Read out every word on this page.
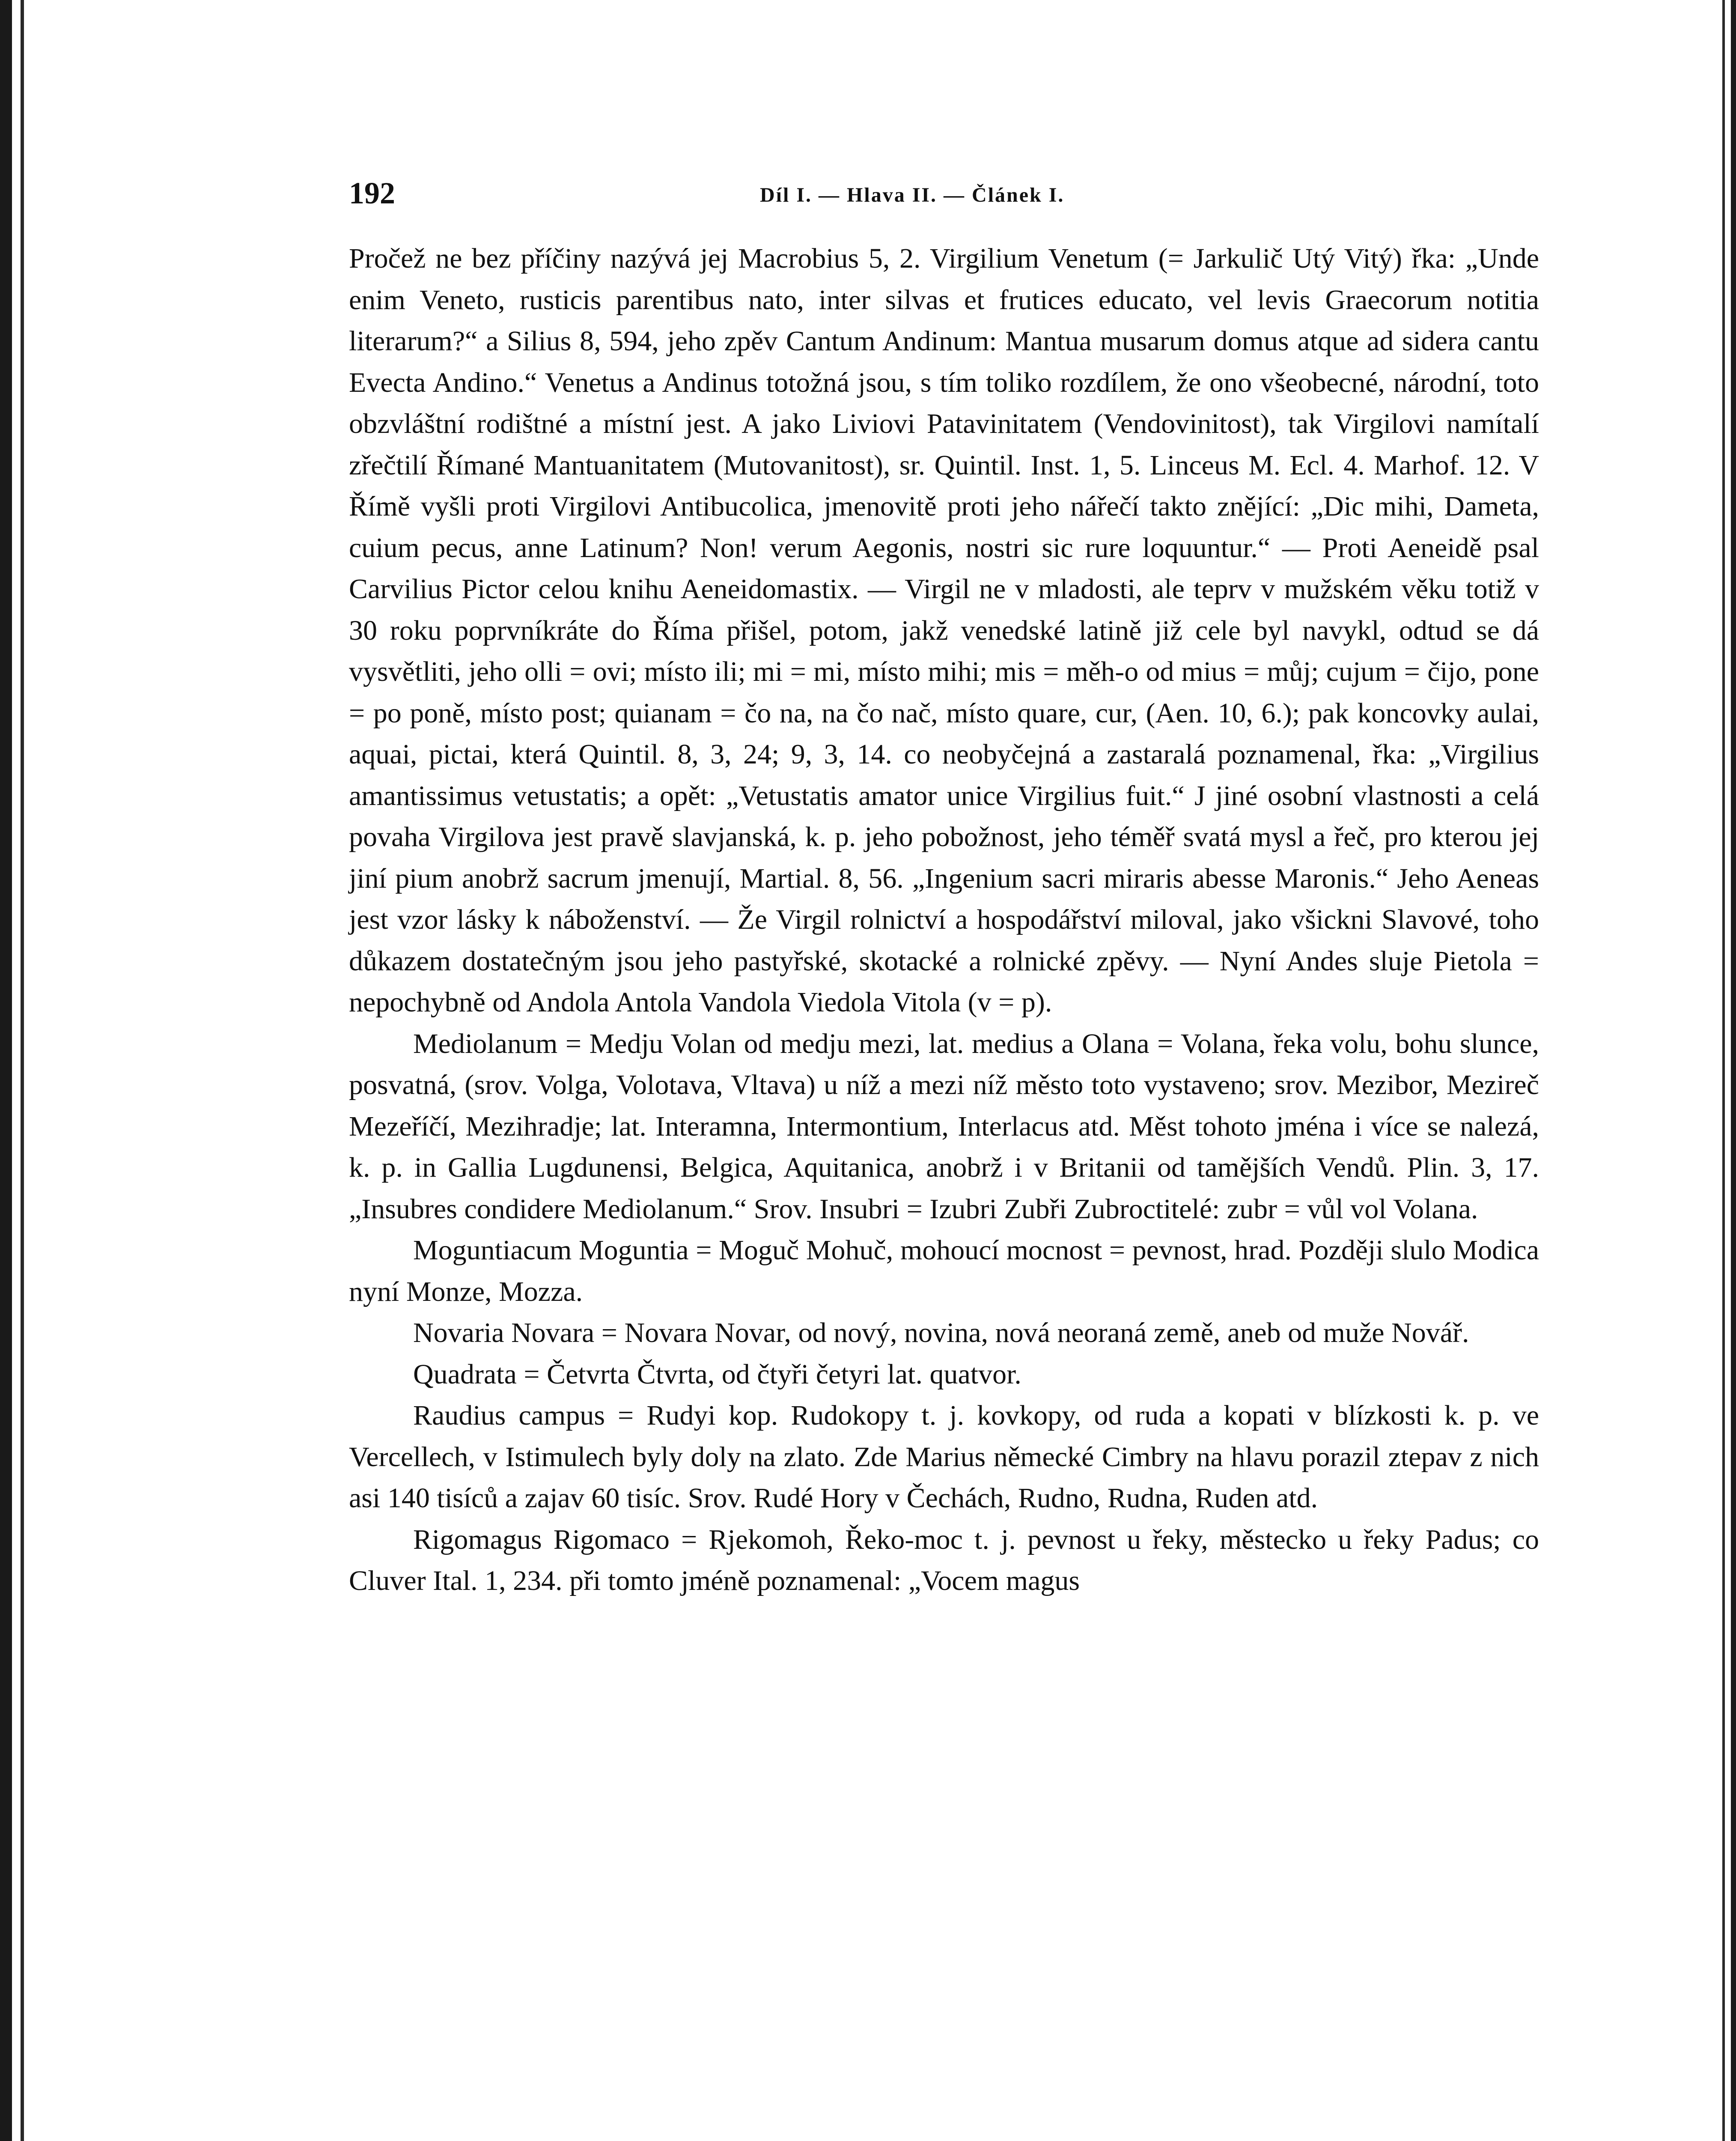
192	Díl I. — Hlava II. — Článek I.

Pročež ne bez příčiny nazývá jej Macrobius 5, 2. Virgilium Venetum (= Jarkulič Utý Vitý) řka: „Unde enim Veneto, rusticis parentibus nato, inter silvas et frutices educato, vel levis Graecorum notitia literarum?“ a Silius 8, 594, jeho zpěv Cantum Andinum: Mantua musarum domus atque ad sidera cantu Evecta Andino.“ Venetus a Andinus totožná jsou, s tím toliko rozdílem, že ono všeobecné, národní, toto obzvláštní rodištné a místní jest. A jako Liviovi Patavinitatem (Vendovinitost), tak Virgilovi namítalí zřečtilí Římané Mantuanitatem (Mutovanitost), sr. Quintil. Inst. 1, 5. Linceus M. Ecl. 4. Marhof. 12. V Římě vyšli proti Virgilovi Antibucolica, jmenovitě proti jeho nářečí takto znějící: „Dic mihi, Dameta, cuium pecus, anne Latinum? Non! verum Aegonis, nostri sic rure loquuntur.“ — Proti Aeneidě psal Carvilius Pictor celou knihu Aeneidomastix. — Virgil ne v mladosti, ale teprv v mužském věku totiž v 30 roku poprvníkráte do Říma přišel, potom, jakž venedské latině již cele byl navykl, odtud se dá vysvětliti, jeho olli = ovi; místo ili; mi = mi, místo mihi; mis = měh-o od mius = můj; cujum = čijo, pone = po poně, místo post; quianam = čo na, na čo nač, místo quare, cur, (Aen. 10, 6.); pak koncovky aulai, aquai, pictai, která Quintil. 8, 3, 24; 9, 3, 14. co neobyčejná a zastaralá poznamenal, řka: „Virgilius amantissimus vetustatis; a opět: „Vetustatis amator unice Virgilius fuit.“ J jiné osobní vlastnosti a celá povaha Virgilova jest pravě slavjanská, k. p. jeho pobožnost, jeho téměř svatá mysl a řeč, pro kterou jej jiní pium anobrž sacrum jmenují, Martial. 8, 56. „Ingenium sacri miraris abesse Maronis.“ Jeho Aeneas jest vzor lásky k náboženství. — Že Virgil rolnictví a hospodářství miloval, jako všickni Slavové, toho důkazem dostatečným jsou jeho pastyřské, skotacké a rolnické zpěvy. — Nyní Andes sluje Pietola = nepochybně od Andola Antola Vandola Viedola Vitola (v = p).

Mediolanum = Medju Volan od medju mezi, lat. medius a Olana = Volana, řeka volu, bohu slunce, posvatná, (srov. Volga, Volotava, Vltava) u níž a mezi níž město toto vystaveno; srov. Mezibor, Mezireč Mezeříčí, Mezihradje; lat. Interamna, Intermontium, Interlacus atd. Měst tohoto jména i více se nalezá, k. p. in Gallia Lugdunensi, Belgica, Aquitanica, anobrž i v Britanii od tamějších Vendů. Plin. 3, 17. „Insubres condidere Mediolanum.“ Srov. Insubri = Izubri Zubři Zubroctitelé: zubr = vůl vol Volana.

Moguntiacum Moguntia = Moguč Mohuč, mohoucí mocnost = pevnost, hrad. Později slulo Modica nyní Monze, Mozza.

Novaria Novara = Novara Novar, od nový, novina, nová neoraná země, aneb od muže Novář.

Quadrata = Četvrta Čtvrta, od čtyři četyri lat. quatvor.

Raudius campus = Rudyi kop. Rudokopy t. j. kovkopy, od ruda a kopati v blízkosti k. p. ve Vercellech, v Istimulech byly doly na zlato. Zde Marius německé Cimbry na hlavu porazil ztepav z nich asi 140 tisíců a zajav 60 tisíc. Srov. Rudé Hory v Čechách, Rudno, Rudna, Ruden atd.

Rigomagus Rigomaco = Rjekomoh, Řeko-moc t. j. pevnost u řeky, městecko u řeky Padus; co Cluver Ital. 1, 234. při tomto jméně poznamenal: „Vocem magus
